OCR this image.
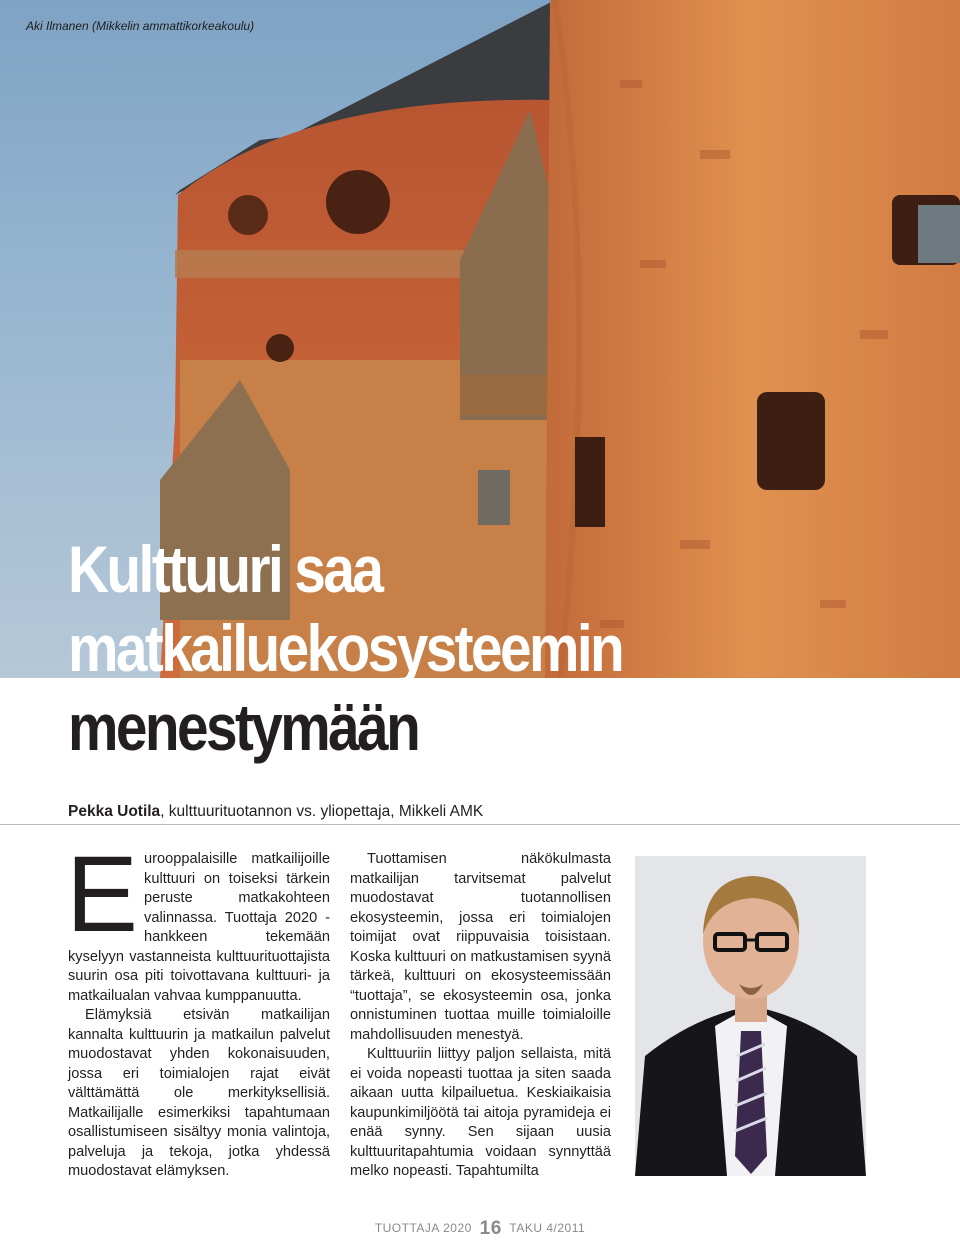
Aki Ilmanen (Mikkelin ammattikorkeakoulu)
Kulttuuri saa
matkailuekosysteemin
menestymään
Pekka Uotila, kulttuurituotannon vs. yliopettaja, Mikkeli AMK

Eurooppalaisille matkailijoille kulttuuri on toiseksi tärkein peruste matkakohteen valinnassa. Tuottaja 2020 -hankkeen tekemään kyselyyn vastanneista kulttuurituottajista suurin osa piti toivottavana kulttuuri- ja matkailualan vahvaa kumppanuutta.

Elämyksiä etsivän matkailijan kannalta kulttuurin ja matkailun palvelut muodostavat yhden kokonaisuuden, jossa eri toimialojen rajat eivät välttämättä ole merkityksellisiä. Matkailijalle esimerkiksi tapahtumaan osallistumiseen sisältyy monia valintoja, palveluja ja tekoja, jotka yhdessä muodostavat elämyksen.

Tuottamisen näkökulmasta matkailijan tarvitsemat palvelut muodostavat tuotannollisen ekosysteemin, jossa eri toimialojen toimijat ovat riippuvaisia toisistaan. Koska kulttuuri on matkustamisen syynä tärkeä, kulttuuri on ekosysteemissään “tuottaja”, se ekosysteemin osa, jonka onnistuminen tuottaa muille toimialoille mahdollisuuden menestyä.

Kulttuuriin liittyy paljon sellaista, mitä ei voida nopeasti tuottaa ja siten saada aikaan uutta kilpailuetua. Keskiaikaisia kaupunkimiljöötä tai aitoja pyramideja ei enää synny. Sen sijaan uusia kulttuuritapahtumia voidaan synnyttää melko nopeasti. Tapahtumilta

TUOTTAJA 2020 16 TAKU 4/2011
